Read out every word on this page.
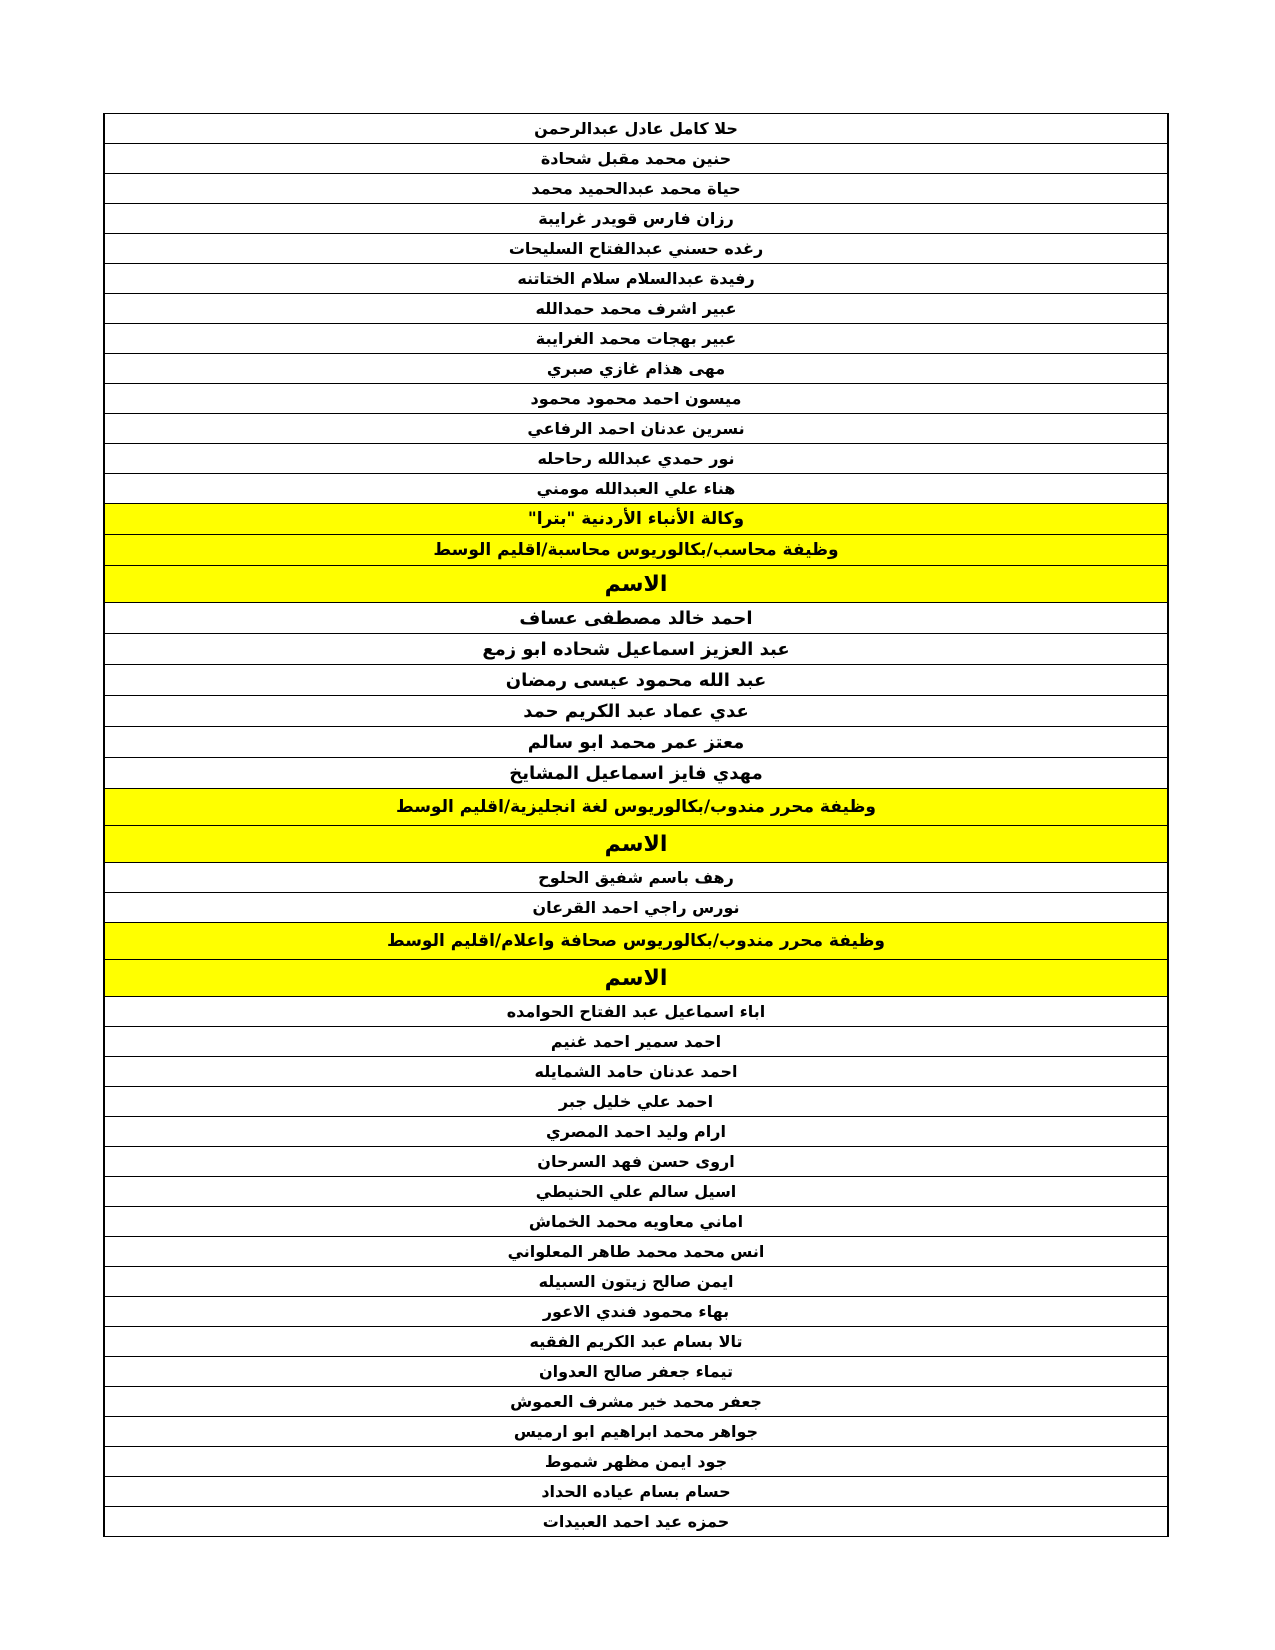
حلا كامل عادل عبدالرحمن
حنين محمد مقبل شحادة
حياة محمد عبدالحميد محمد
رزان فارس قويدر غرايبة
رغده حسني عبدالفتاح السليحات
رفيدة عبدالسلام سلام الختاتنه
عبير اشرف محمد حمدالله
عبير بهجات محمد الغرايبة
مهى هذام غازي صبري
ميسون احمد محمود محمود
نسرين عدنان احمد الرفاعي
نور حمدي عبدالله رحاحله
هناء علي العبدالله مومني
وكالة الأنباء الأردنية "بترا"
وظيفة محاسب/بكالوريوس محاسبة/اقليم الوسط
الاسم
احمد خالد مصطفى عساف
عبد العزيز اسماعيل شحاده ابو زمع
عبد الله محمود عيسى رمضان
عدي عماد عبد الكريم حمد
معتز عمر محمد ابو سالم
مهدي فايز اسماعيل المشايخ
وظيفة محرر مندوب/بكالوريوس لغة انجليزية/اقليم الوسط
الاسم
رهف باسم شفيق الحلوح
نورس راجي احمد القرعان
وظيفة محرر مندوب/بكالوريوس صحافة واعلام/اقليم الوسط
الاسم
اباء اسماعيل عبد الفتاح الحوامده
احمد سمير احمد غنيم
احمد عدنان حامد الشمايله
احمد علي خليل جبر
ارام وليد احمد المصري
اروى حسن فهد السرحان
اسيل سالم علي الحنيطي
اماني معاويه محمد الخماش
انس محمد محمد طاهر المعلواني
ايمن صالح زيتون السبيله
بهاء محمود فندي الاعور
تالا بسام عبد الكريم الفقيه
تيماء جعفر صالح العدوان
جعفر محمد خير مشرف العموش
جواهر محمد ابراهيم ابو ارميس
جود ايمن مظهر شموط
حسام بسام عياده الحداد
حمزه عيد احمد العبيدات
